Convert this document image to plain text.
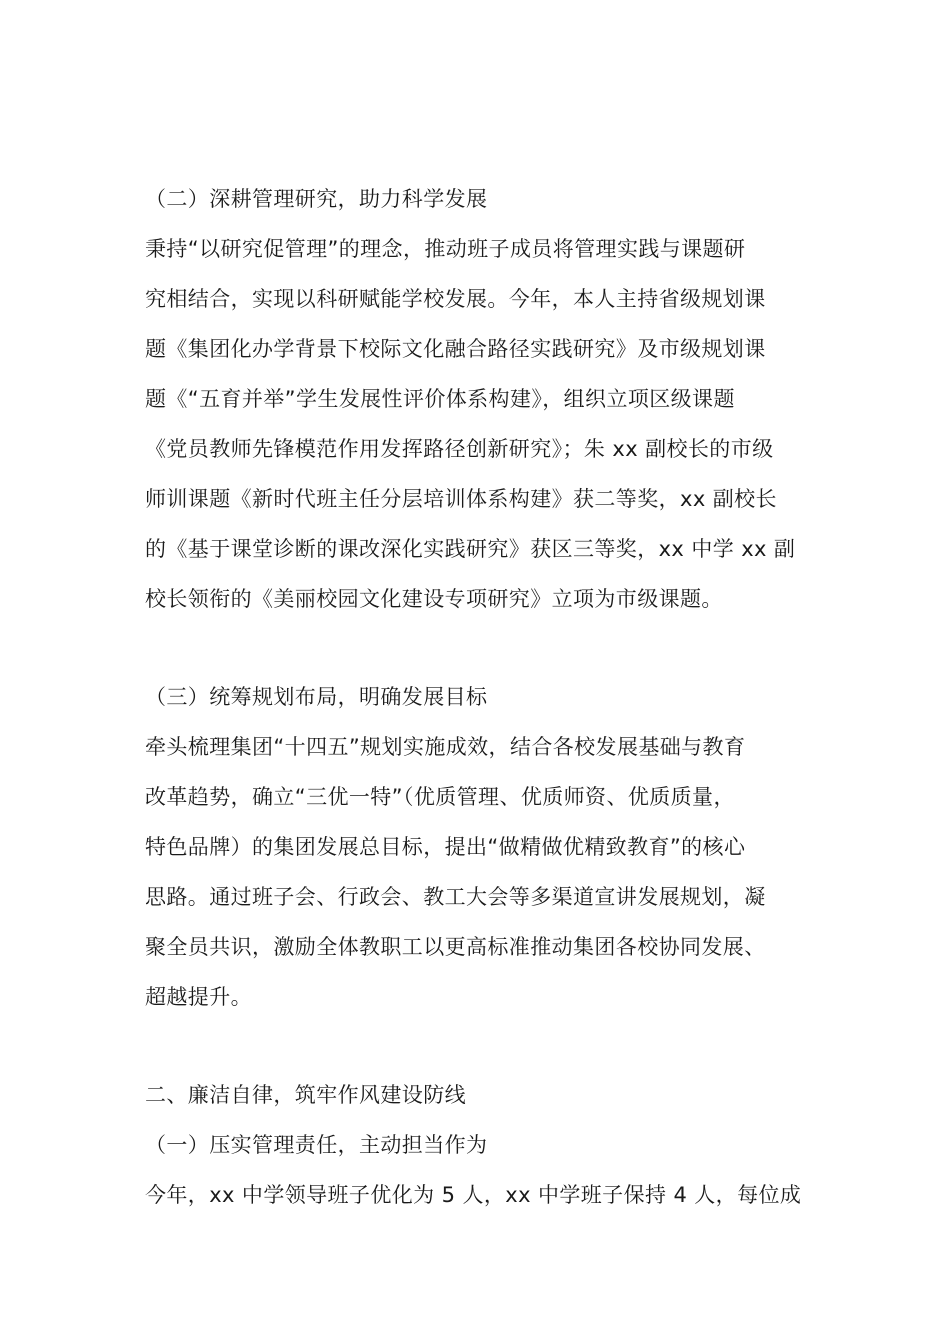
（二）深耕管理研究，助力科学发展
秉持“以研究促管理”的理念，推动班子成员将管理实践与课题研
究相结合，实现以科研赋能学校发展。今年，本人主持省级规划课
题《集团化办学背景下校际文化融合路径实践研究》及市级规划课
题《“五育并举”学生发展性评价体系构建》，组织立项区级课题
《党员教师先锋模范作用发挥路径创新研究》；朱 xx 副校长的市级
师训课题《新时代班主任分层培训体系构建》获二等奖，xx 副校长
的《基于课堂诊断的课改深化实践研究》获区三等奖，xx 中学 xx 副
校长领衔的《美丽校园文化建设专项研究》立项为市级课题。
（三）统筹规划布局，明确发展目标
牵头梳理集团“十四五”规划实施成效，结合各校发展基础与教育
改革趋势，确立“三优一特”（优质管理、优质师资、优质质量，
特色品牌）的集团发展总目标，提出“做精做优精致教育”的核心
思路。通过班子会、行政会、教工大会等多渠道宣讲发展规划，凝
聚全员共识，激励全体教职工以更高标准推动集团各校协同发展、
超越提升。
二、廉洁自律，筑牢作风建设防线
（一）压实管理责任，主动担当作为
今年，xx 中学领导班子优化为 5 人，xx 中学班子保持 4 人，每位成
